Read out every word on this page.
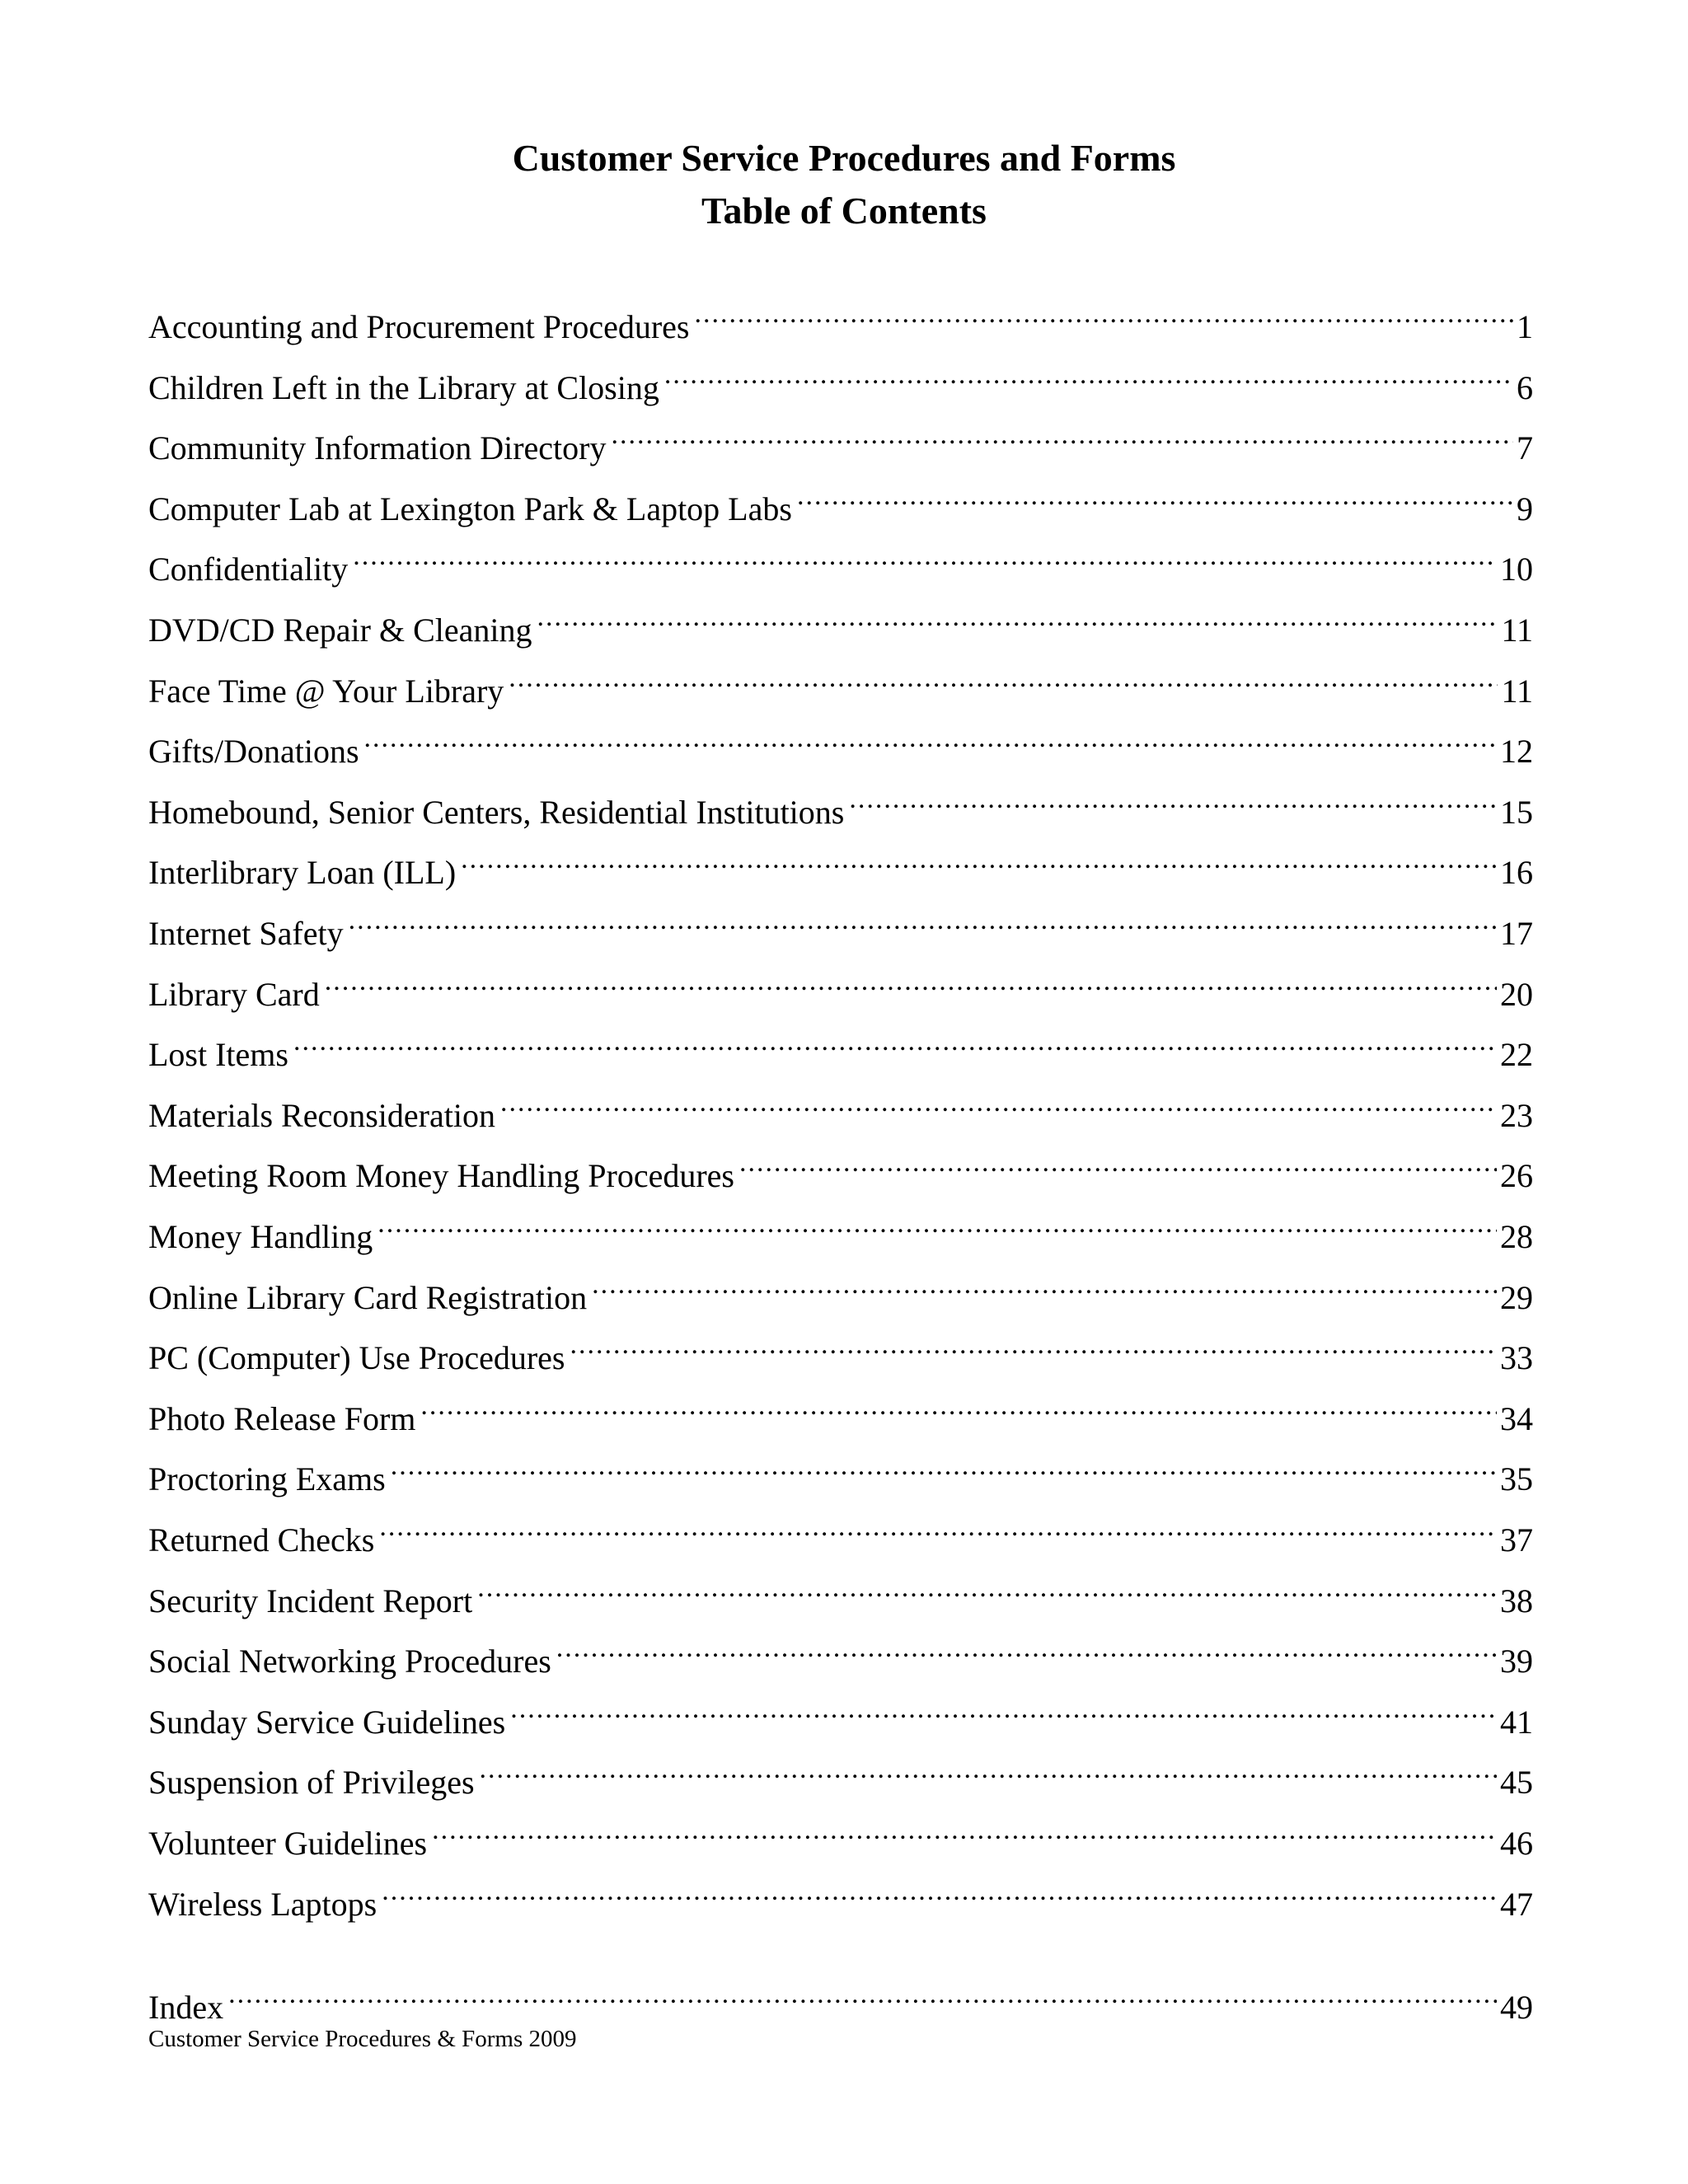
Customer Service Procedures and Forms
Table of Contents
Accounting and Procurement Procedures .....	1
Children Left in the Library at Closing .....	6
Community Information Directory .....	7
Computer Lab at Lexington Park & Laptop Labs .....	9
Confidentiality .....	10
DVD/CD Repair & Cleaning .....	11
Face Time @ Your Library .....	11
Gifts/Donations .....	12
Homebound, Senior Centers, Residential Institutions .....	15
Interlibrary Loan (ILL) .....	16
Internet Safety .....	17
Library Card .....	20
Lost Items .....	22
Materials Reconsideration .....	23
Meeting Room Money Handling Procedures .....	26
Money Handling .....	28
Online Library Card Registration .....	29
PC (Computer) Use Procedures .....	33
Photo Release Form .....	34
Proctoring Exams .....	35
Returned Checks .....	37
Security Incident Report .....	38
Social Networking Procedures .....	39
Sunday Service Guidelines .....	41
Suspension of Privileges .....	45
Volunteer Guidelines .....	46
Wireless Laptops .....	47
Index .....	49
Customer Service Procedures & Forms 2009
